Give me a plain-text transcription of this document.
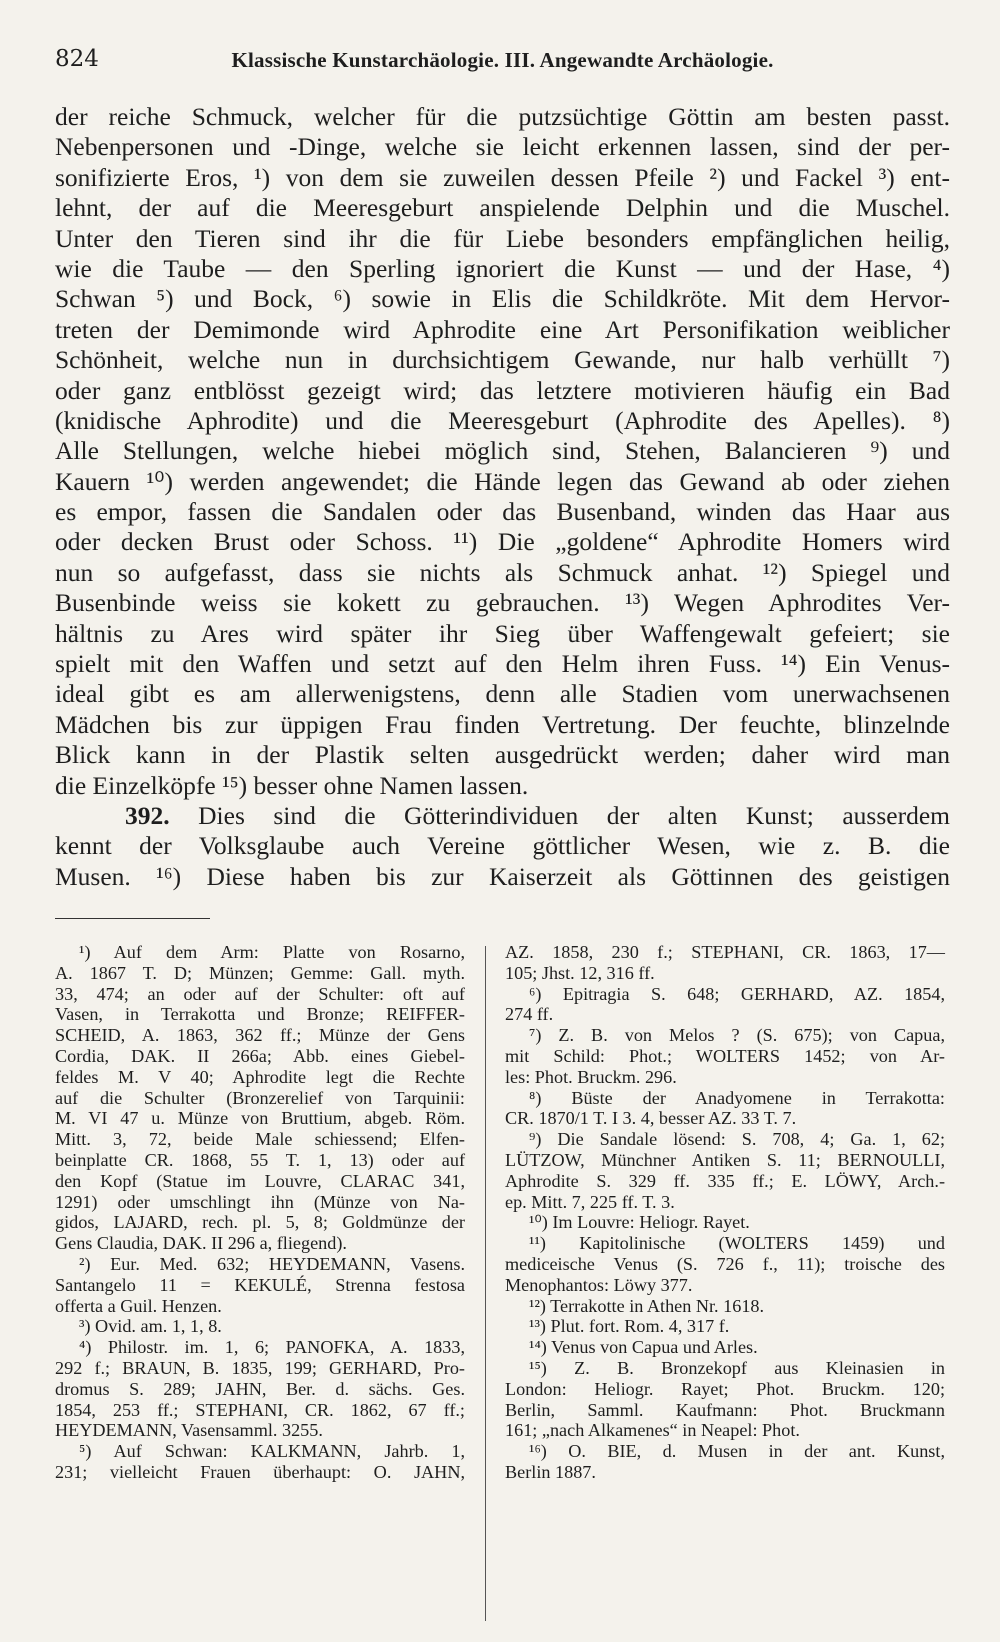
824	Klassische Kunstarchäologie. III. Angewandte Archäologie.
der reiche Schmuck, welcher für die putzsüchtige Göttin am besten passt.
Nebenpersonen und -Dinge, welche sie leicht erkennen lassen, sind der per-
sonifizierte Eros, ¹) von dem sie zuweilen dessen Pfeile ²) und Fackel ³) ent-
lehnt, der auf die Meeresgeburt anspielende Delphin und die Muschel.
Unter den Tieren sind ihr die für Liebe besonders empfänglichen heilig,
wie die Taube — den Sperling ignoriert die Kunst — und der Hase, ⁴)
Schwan ⁵) und Bock, ⁶) sowie in Elis die Schildkröte. Mit dem Hervor-
treten der Demimonde wird Aphrodite eine Art Personifikation weiblicher
Schönheit, welche nun in durchsichtigem Gewande, nur halb verhüllt ⁷)
oder ganz entblösst gezeigt wird; das letztere motivieren häufig ein Bad
(knidische Aphrodite) und die Meeresgeburt (Aphrodite des Apelles). ⁸)
Alle Stellungen, welche hiebei möglich sind, Stehen, Balancieren ⁹) und
Kauern ¹⁰) werden angewendet; die Hände legen das Gewand ab oder ziehen
es empor, fassen die Sandalen oder das Busenband, winden das Haar aus
oder decken Brust oder Schoss. ¹¹) Die „goldene“ Aphrodite Homers wird
nun so aufgefasst, dass sie nichts als Schmuck anhat. ¹²) Spiegel und
Busenbinde weiss sie kokett zu gebrauchen. ¹³) Wegen Aphrodites Ver-
hältnis zu Ares wird später ihr Sieg über Waffengewalt gefeiert; sie
spielt mit den Waffen und setzt auf den Helm ihren Fuss. ¹⁴) Ein Venus-
ideal gibt es am allerwenigstens, denn alle Stadien vom unerwachsenen
Mädchen bis zur üppigen Frau finden Vertretung. Der feuchte, blinzelnde
Blick kann in der Plastik selten ausgedrückt werden; daher wird man
die Einzelköpfe ¹⁵) besser ohne Namen lassen.
392. Dies sind die Götterindividuen der alten Kunst; ausserdem
kennt der Volksglaube auch Vereine göttlicher Wesen, wie z. B. die
Musen. ¹⁶) Diese haben bis zur Kaiserzeit als Göttinnen des geistigen
¹) Auf dem Arm: Platte von Rosarno,
A. 1867 T. D; Münzen; Gemme: Gall. myth.
33, 474; an oder auf der Schulter: oft auf
Vasen, in Terrakotta und Bronze; REIFFER-
SCHEID, A. 1863, 362 ff.; Münze der Gens
Cordia, DAK. II 266a; Abb. eines Giebel-
feldes M. V 40; Aphrodite legt die Rechte
auf die Schulter (Bronzerelief von Tarquinii:
M. VI 47 u. Münze von Bruttium, abgeb. Röm.
Mitt. 3, 72, beide Male schiessend; Elfen-
beinplatte CR. 1868, 55 T. 1, 13) oder auf
den Kopf (Statue im Louvre, CLARAC 341,
1291) oder umschlingt ihn (Münze von Na-
gidos, LAJARD, rech. pl. 5, 8; Goldmünze der
Gens Claudia, DAK. II 296 a, fliegend).
²) Eur. Med. 632; HEYDEMANN, Vasens.
Santangelo 11 = KEKULÉ, Strenna festosa
offerta a Guil. Henzen.
³) Ovid. am. 1, 1, 8.
⁴) Philostr. im. 1, 6; PANOFKA, A. 1833,
292 f.; BRAUN, B. 1835, 199; GERHARD, Pro-
dromus S. 289; JAHN, Ber. d. sächs. Ges.
1854, 253 ff.; STEPHANI, CR. 1862, 67 ff.;
HEYDEMANN, Vasensamml. 3255.
⁵) Auf Schwan: KALKMANN, Jahrb. 1,
231; vielleicht Frauen überhaupt: O. JAHN,
AZ. 1858, 230 f.; STEPHANI, CR. 1863, 17—
105; Jhst. 12, 316 ff.
⁶) Epitragia S. 648; GERHARD, AZ. 1854,
274 ff.
⁷) Z. B. von Melos ? (S. 675); von Capua,
mit Schild: Phot.; WOLTERS 1452; von Ar-
les: Phot. Bruckm. 296.
⁸) Büste der Anadyomene in Terrakotta:
CR. 1870/1 T. I 3. 4, besser AZ. 33 T. 7.
⁹) Die Sandale lösend: S. 708, 4; Ga. 1, 62;
LÜTZOW, Münchner Antiken S. 11; BERNOULLI,
Aphrodite S. 329 ff. 335 ff.; E. LÖWY, Arch.-
ep. Mitt. 7, 225 ff. T. 3.
¹⁰) Im Louvre: Heliogr. Rayet.
¹¹) Kapitolinische (WOLTERS 1459) und
mediceische Venus (S. 726 f., 11); troische des
Menophantos: Löwy 377.
¹²) Terrakotte in Athen Nr. 1618.
¹³) Plut. fort. Rom. 4, 317 f.
¹⁴) Venus von Capua und Arles.
¹⁵) Z. B. Bronzekopf aus Kleinasien in
London: Heliogr. Rayet; Phot. Bruckm. 120;
Berlin, Samml. Kaufmann: Phot. Bruckmann
161; „nach Alkamenes“ in Neapel: Phot.
¹⁶) O. BIE, d. Musen in der ant. Kunst,
Berlin 1887.
